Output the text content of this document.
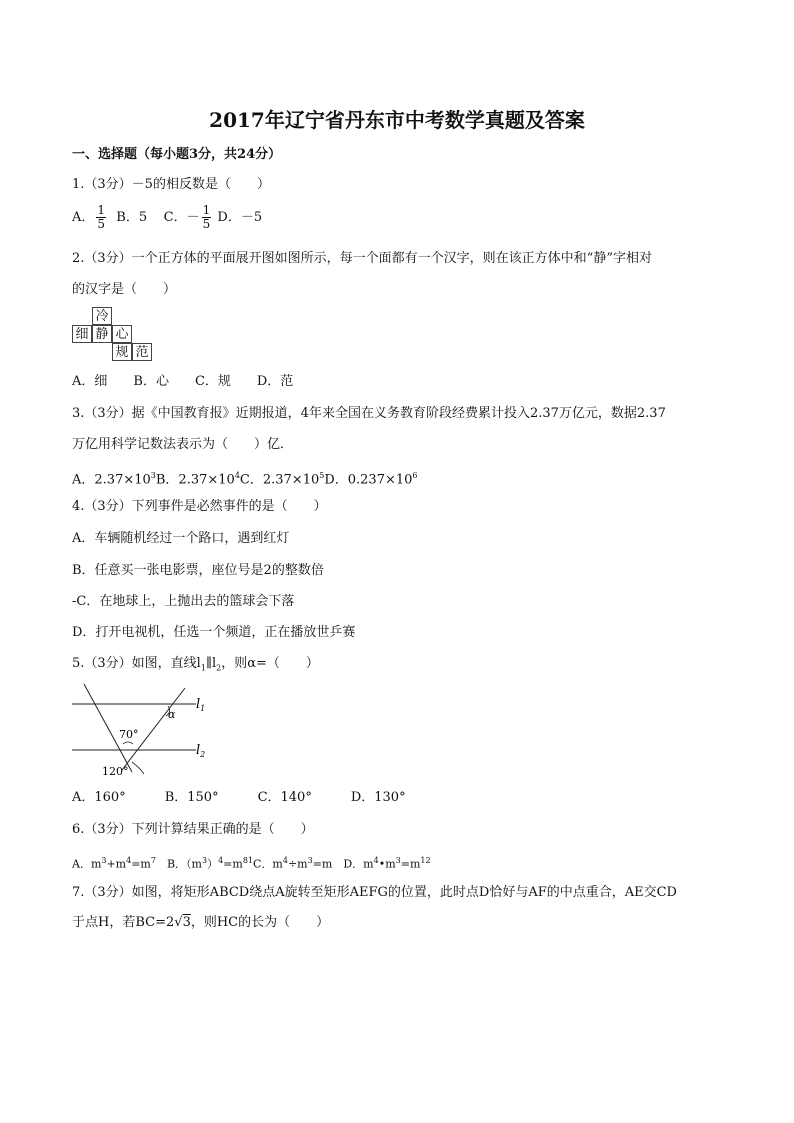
2017年辽宁省丹东市中考数学真题及答案
一、选择题（每小题3分，共24分）
1.（3分）－5的相反数是（　　）
A． $\frac{1}{5}$ B．5 C．－ $\frac{1}{5}$ D．－5
2.（3分）一个正方体的平面展开图如图所示，每一个面都有一个汉字，则在该正方体中和“静”字相对
的汉字是（　　）
冷
细 静 心
规 范
A．细　　B．心　　C．规　　D．范
3.（3分）据《中国教育报》近期报道，4年来全国在义务教育阶段经费累计投入2.37万亿元，数据2.37
万亿用科学记数法表示为（　　）亿．
A．$2.37\times 10^3B$．$2.37\times 10^4C$．$2.37\times 10^5D$．$0.237\times 10^6$
4.（3分）下列事件是必然事件的是（　　）
A．车辆随机经过一个路口，遇到红灯
B．任意买一张电影票，座位号是2的整数倍
-C．在地球上，上抛出去的篮球会下落
D．打开电视机，任选一个频道，正在播放世乒赛
5.（3分）如图，直线$l_1\parallel l_2$，则α=（　　）
$l_1$
$l_2$
α
70°
120°
A．160°　　　B．150°　　　C．140°　　　D．130°
6.（3分）下列计算结果正确的是（　　）
A．$m^3+m^4=m^7$　B．$(m^3)^4=m^{81}C$．$m^4\div m^3=m$　D．$m^4•m^3=m^{12}$
7.（3分）如图，将矩形ABCD绕点A旋转至矩形AEFG的位置，此时点D恰好与AF的中点重合，AE交CD
于点H，若BC=2√3，则HC的长为（　　）
